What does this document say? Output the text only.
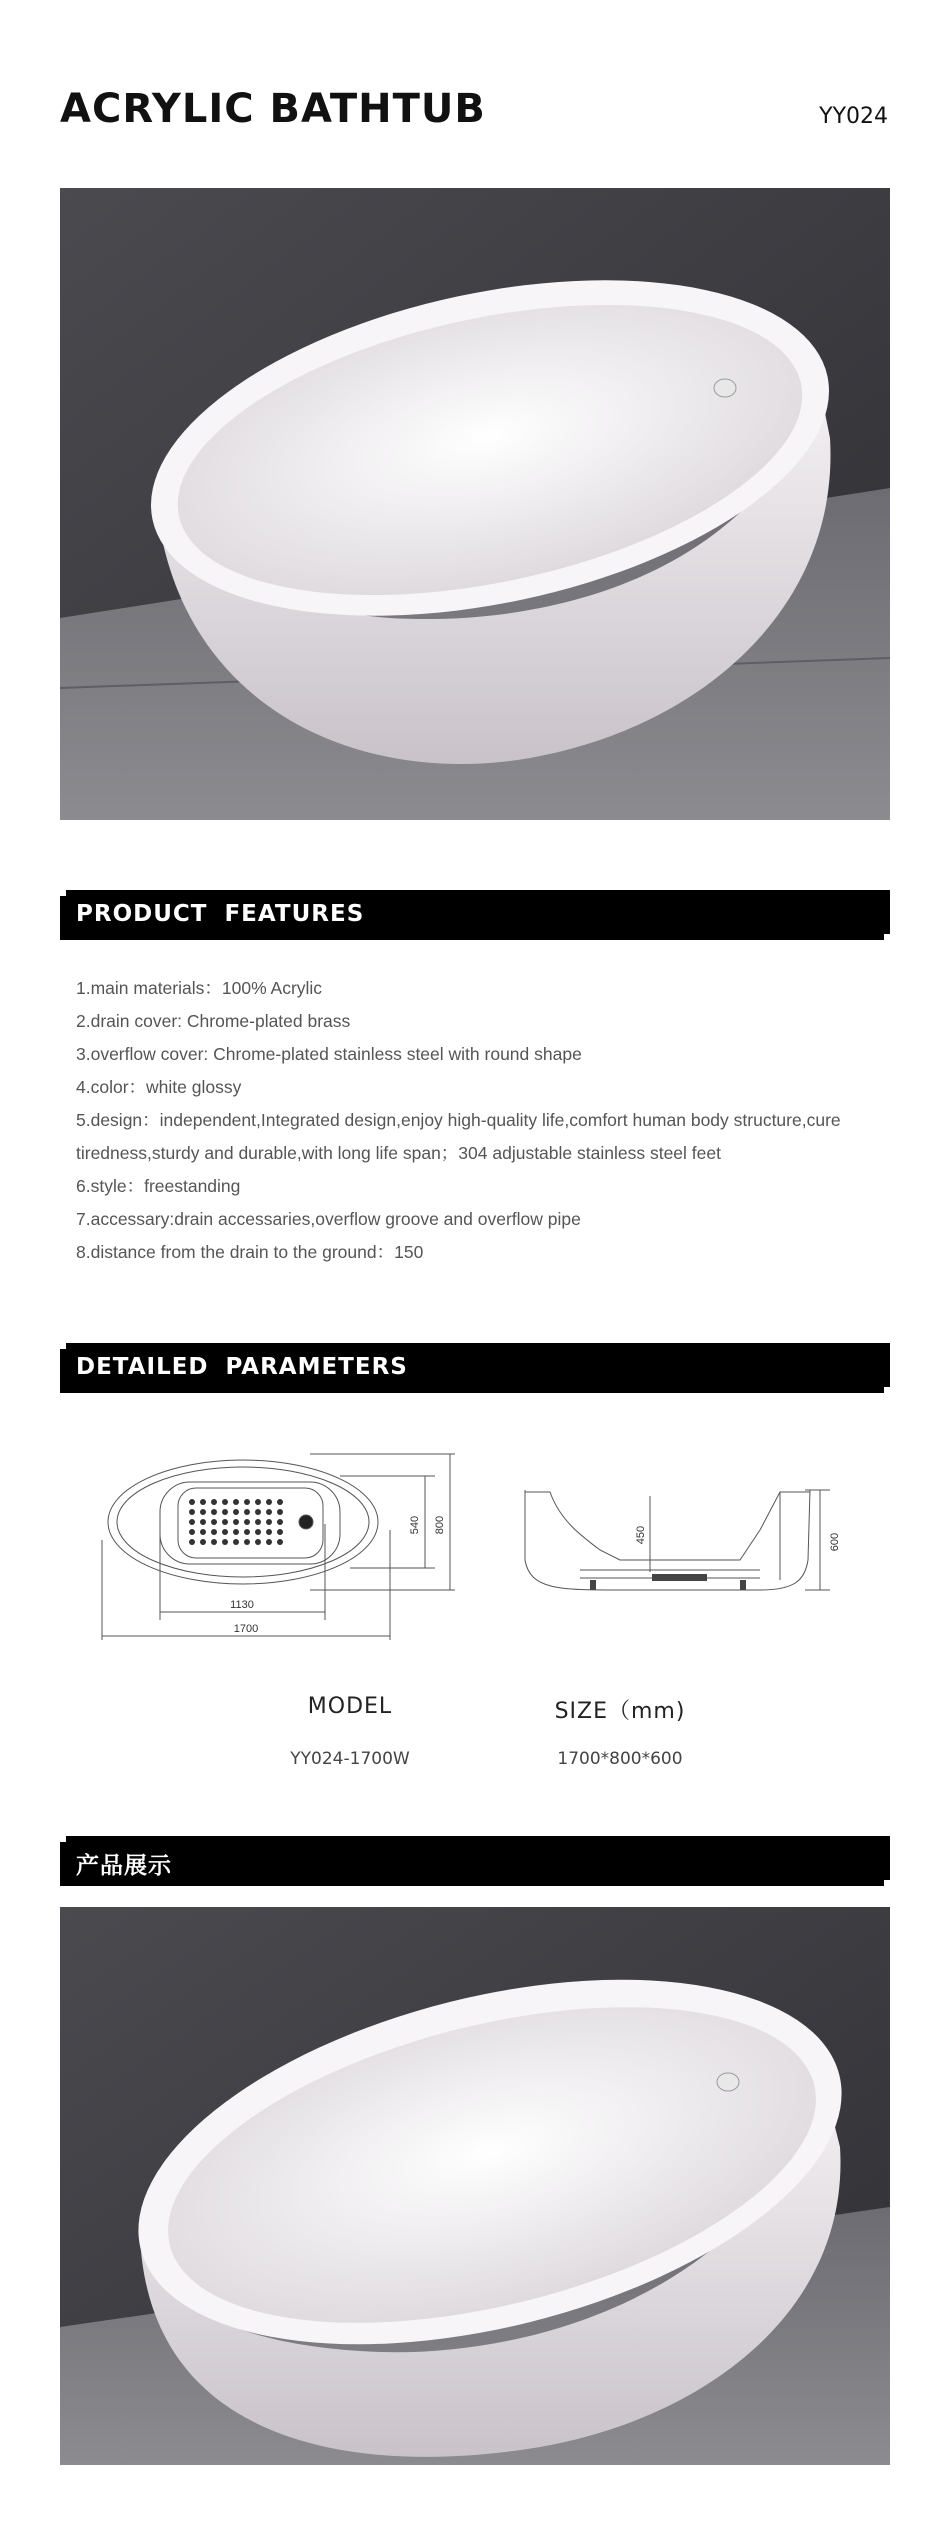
ACRYLIC BATHTUB	YY024
PRODUCT FEATURES
1.main materials：100% Acrylic
2.drain cover: Chrome-plated brass
3.overflow cover: Chrome-plated stainless steel with round shape
4.color：white glossy
5.design：independent,Integrated design,enjoy high-quality life,comfort human body structure,cure tiredness,sturdy and durable,with long life span；304 adjustable stainless steel feet
6.style：freestanding
7.accessary:drain accessaries,overflow groove and overflow pipe
8.distance from the drain to the ground：150
DETAILED PARAMETERS
1130
1700
540 800
450	600
MODEL	SIZE（mm)
YY024-1700W	1700*800*600
产品展示
